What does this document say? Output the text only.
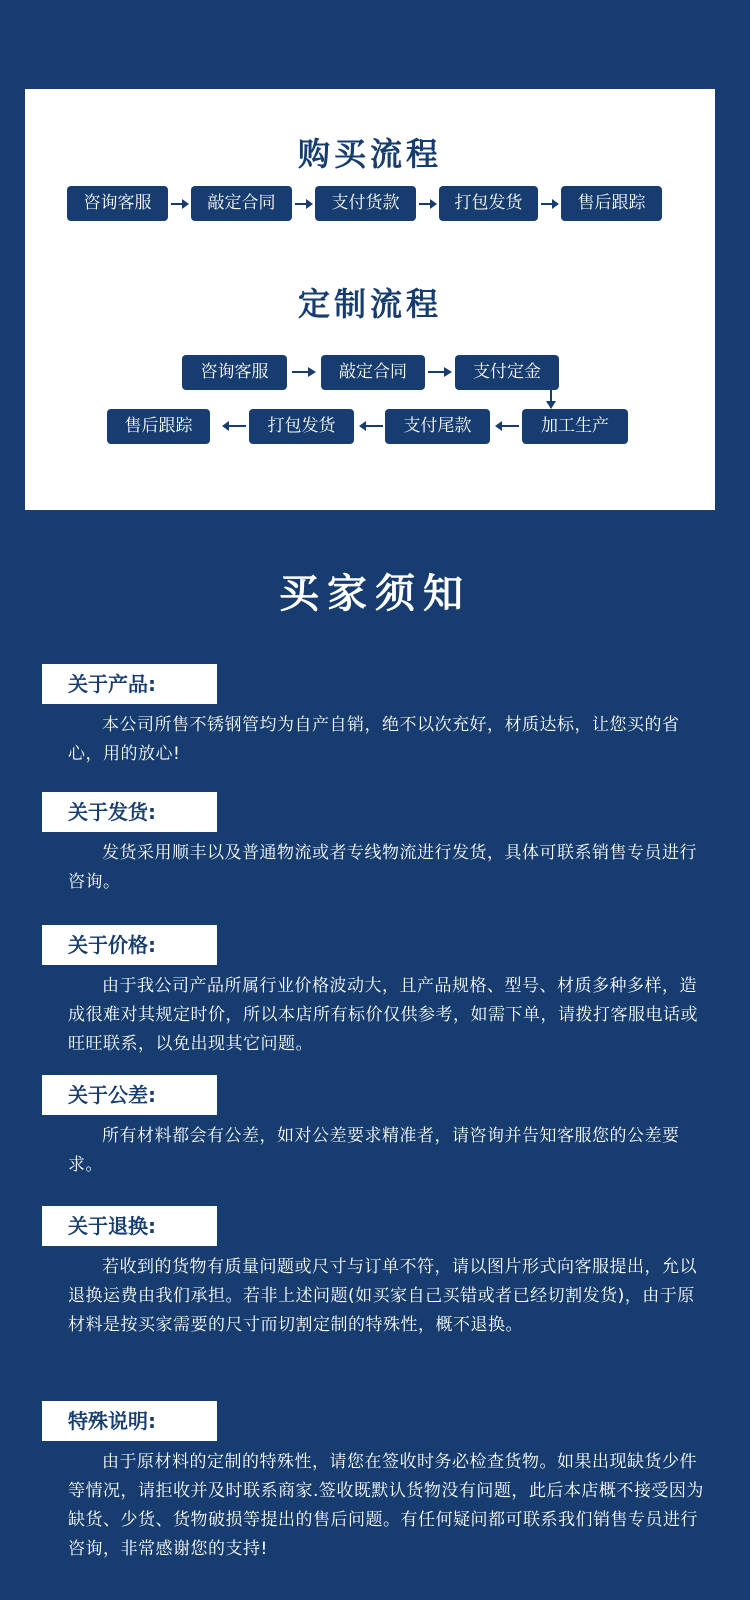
购买流程
咨询客服	敲定合同	支付货款	打包发货	售后跟踪
定制流程
咨询客服	敲定合同	支付定金
售后跟踪	打包发货	支付尾款	加工生产
买家须知
关于产品:
本公司所售不锈钢管均为自产自销，绝不以次充好，材质达标，让您买的省心，用的放心!
关于发货:
发货采用顺丰以及普通物流或者专线物流进行发货，具体可联系销售专员进行咨询。
关于价格:
由于我公司产品所属行业价格波动大，且产品规格、型号、材质多种多样，造成很难对其规定时价，所以本店所有标价仅供参考，如需下单，请拨打客服电话或旺旺联系，以免出现其它问题。
关于公差:
所有材料都会有公差，如对公差要求精准者，请咨询并告知客服您的公差要求。
关于退换:
若收到的货物有质量问题或尺寸与订单不符，请以图片形式向客服提出，允以退换运费由我们承担。若非上述问题(如买家自己买错或者已经切割发货)，由于原材料是按买家需要的尺寸而切割定制的特殊性，概不退换。
特殊说明:
由于原材料的定制的特殊性，请您在签收时务必检查货物。如果出现缺货少件等情况，请拒收并及时联系商家.签收既默认货物没有问题，此后本店概不接受因为缺货、少货、货物破损等提出的售后问题。有任何疑问都可联系我们销售专员进行咨询，非常感谢您的支持!
